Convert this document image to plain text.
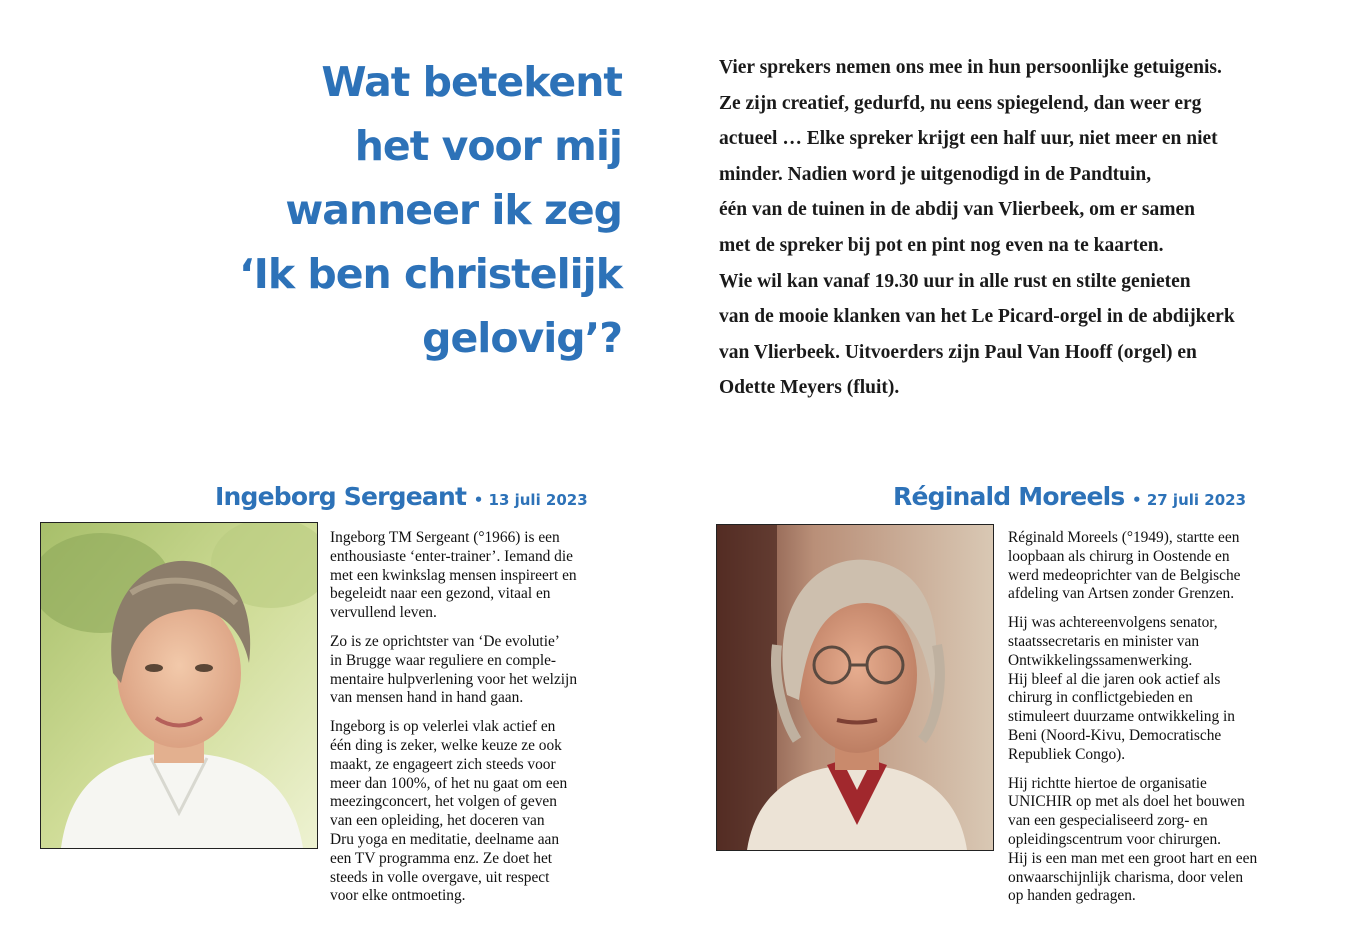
Wat betekent
het voor mij
wanneer ik zeg
‘Ik ben christelijk
gelovig’?
Vier sprekers nemen ons mee in hun persoonlijke getuigenis.
Ze zijn creatief, gedurfd, nu eens spiegelend, dan weer erg
actueel … Elke spreker krijgt een half uur, niet meer en niet
minder. Nadien word je uitgenodigd in de Pandtuin,
één van de tuinen in de abdij van Vlierbeek, om er samen
met de spreker bij pot en pint nog even na te kaarten.
Wie wil kan vanaf 19.30 uur in alle rust en stilte genieten
van de mooie klanken van het Le Picard-orgel in de abdijkerk
van Vlierbeek. Uitvoerders zijn Paul Van Hooff (orgel) en
Odette Meyers (fluit).
Ingeborg Sergeant • 13 juli 2023

Ingeborg TM Sergeant (°1966) is een
enthousiaste ‘enter-trainer’. Iemand die
met een kwinkslag mensen inspireert en
begeleidt naar een gezond, vitaal en
vervullend leven.

Zo is ze oprichtster van ‘De evolutie’
in Brugge waar reguliere en comple-
mentaire hulpverlening voor het welzijn
van mensen hand in hand gaan.

Ingeborg is op velerlei vlak actief en
één ding is zeker, welke keuze ze ook
maakt, ze engageert zich steeds voor
meer dan 100%, of het nu gaat om een
meezingconcert, het volgen of geven
van een opleiding, het doceren van
Dru yoga en meditatie, deelname aan
een TV programma enz. Ze doet het
steeds in volle overgave, uit respect
voor elke ontmoeting.

Réginald Moreels • 27 juli 2023

Réginald Moreels (°1949), startte een
loopbaan als chirurg in Oostende en
werd medeoprichter van de Belgische
afdeling van Artsen zonder Grenzen.

Hij was achtereenvolgens senator,
staatssecretaris en minister van
Ontwikkelingssamenwerking.
Hij bleef al die jaren ook actief als
chirurg in conflictgebieden en
stimuleert duurzame ontwikkeling in
Beni (Noord-Kivu, Democratische
Republiek Congo).

Hij richtte hiertoe de organisatie
UNICHIR op met als doel het bouwen
van een gespecialiseerd zorg- en
opleidingscentrum voor chirurgen.
Hij is een man met een groot hart en een
onwaarschijnlijk charisma, door velen
op handen gedragen.
